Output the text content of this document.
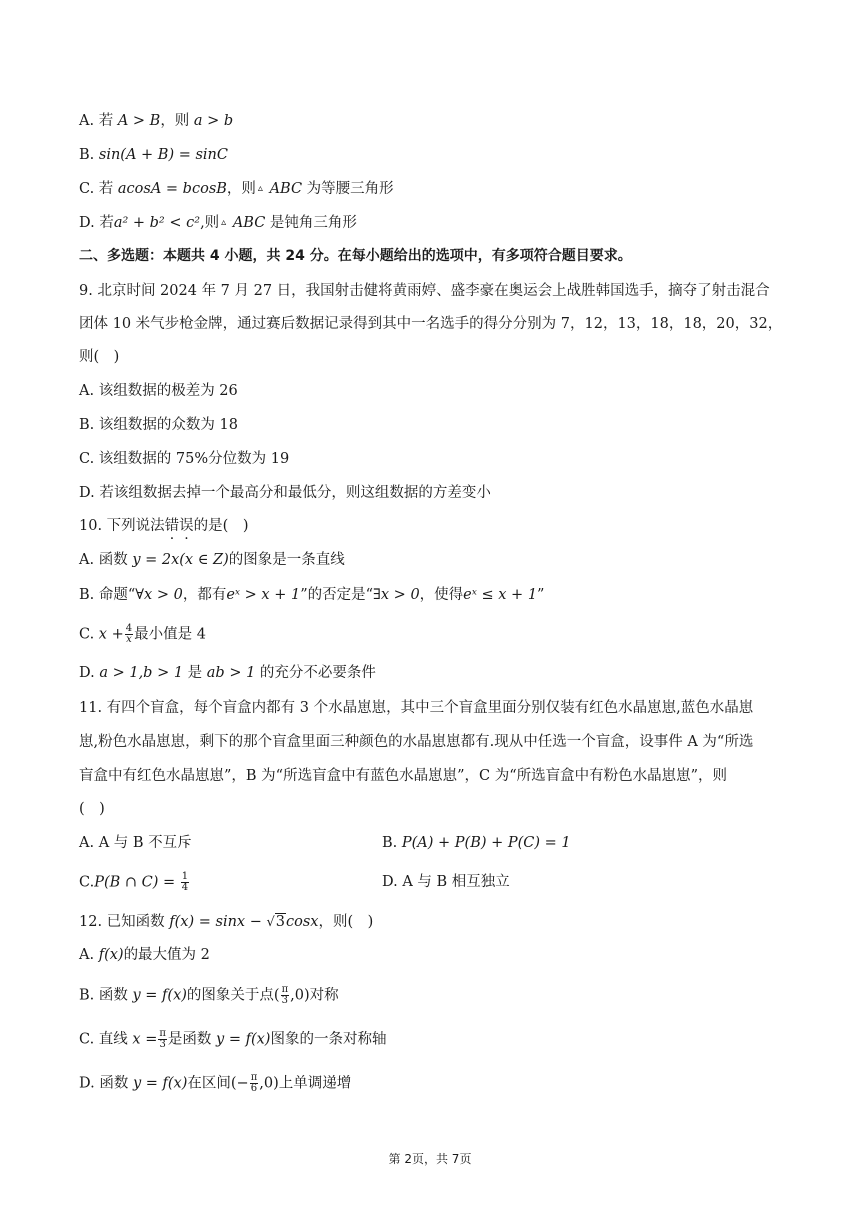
A. 若 A > B，则 a > b
B. sin(A + B) = sinC
C. 若 acosA = bcosB，则 ▵ ABC 为等腰三角形
D. 若a² + b² < c²,则 ▵ ABC 是钝角三角形
二、多选题：本题共 4 小题，共 24 分。在每小题给出的选项中，有多项符合题目要求。
9. 北京时间 2024 年 7 月 27 日，我国射击健将黄雨婷、盛李豪在奥运会上战胜韩国选手，摘夺了射击混合
团体 10 米气步枪金牌，通过赛后数据记录得到其中一名选手的得分分别为 7，12，13，18，18，20，32，
则(　)
A. 该组数据的极差为 26
B. 该组数据的众数为 18
C. 该组数据的 75%分位数为 19
D. 若该组数据去掉一个最高分和最低分，则这组数据的方差变小
10. 下列说法错误的是(　)
A. 函数 y = 2x(x ∈ Z)的图象是一条直线
B. 命题“∀x > 0，都有eˣ > x + 1”的否定是“∃x > 0，使得eˣ ≤ x + 1”
C. $x + \frac{4}{x}$ 最小值是 4
D. a > 1,b > 1 是 ab > 1 的充分不必要条件
11. 有四个盲盒，每个盲盒内都有 3 个水晶崽崽，其中三个盲盒里面分别仅装有红色水晶崽崽,蓝色水晶崽
崽,粉色水晶崽崽，剩下的那个盲盒里面三种颜色的水晶崽崽都有.现从中任选一个盲盒，设事件 A 为“所选
盲盒中有红色水晶崽崽”，B 为“所选盲盒中有蓝色水晶崽崽”，C 为“所选盲盒中有粉色水晶崽崽”，则
(　)
A. A 与 B 不互斥	B. P(A) + P(B) + P(C) = 1
C.P(B ∩ $C) = \frac{1}{4}$	D. A 与 B 相互独立
12. 已知函数 f(x) = sinx − √3cosx，则(　)
A. f(x)的最大值为 2
B. 函数 y = f(x)的图象关于点( $\frac{\pi}{3} ,0$)对称
C. 直线 $x = \frac{\pi}{3}$ 是函数 y = f(x)图象的一条对称轴
D. 函数 y = f(x)在区间(− $\frac{\pi}{6} ,0$)上单调递增
第 2页，共 7页
